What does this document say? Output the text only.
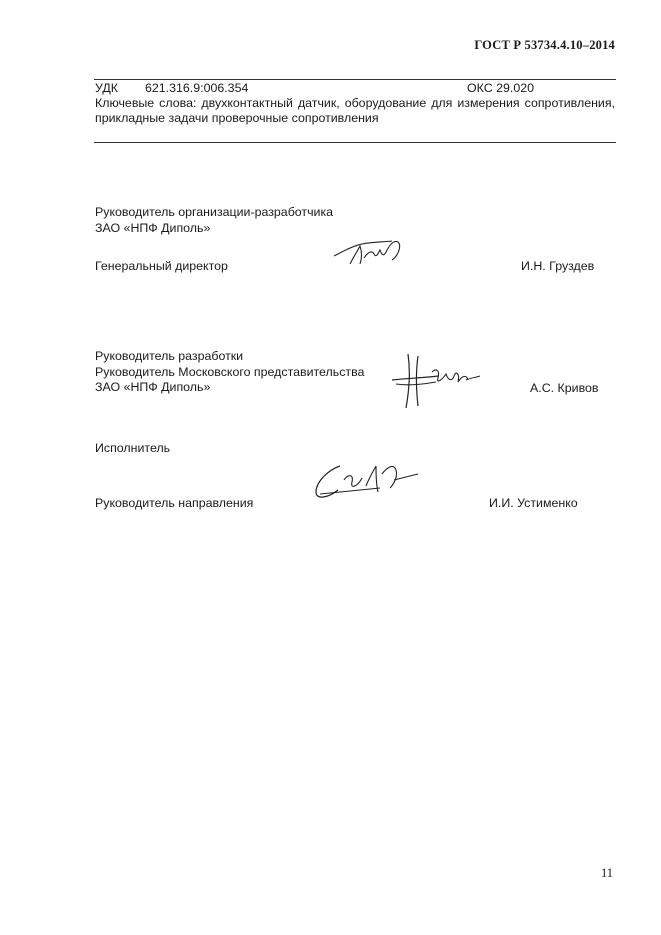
ГОСТ Р 53734.4.10–2014
УДК 621.316.9:006.354	ОКС 29.020
Ключевые слова: двухконтактный датчик, оборудование для измерения сопротивления, прикладные задачи проверочные сопротивления
Руководитель организации-разработчика
ЗАО «НПФ Диполь»
Генеральный директор	И.Н. Груздев
Руководитель разработки
Руководитель Московского представительства
ЗАО «НПФ Диполь»	А.С. Кривов
Исполнитель
Руководитель направления	И.И. Устименко
11
